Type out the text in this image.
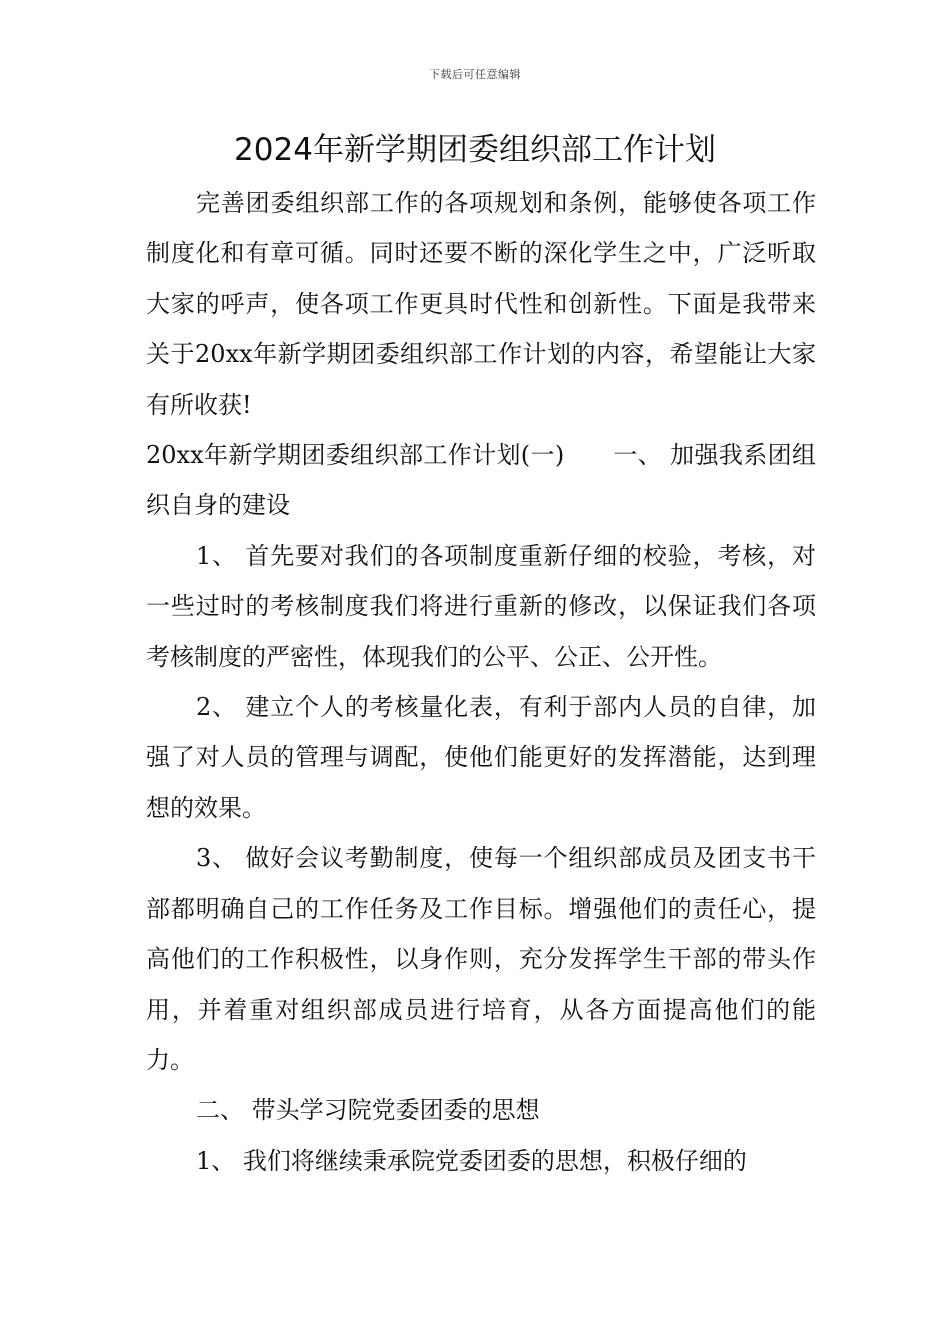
下载后可任意编辑
2024年新学期团委组织部工作计划

完善团委组织部工作的各项规划和条例，能够使各项工作制度化和有章可循。同时还要不断的深化学生之中，广泛听取大家的呼声，使各项工作更具时代性和创新性。下面是我带来关于20xx年新学期团委组织部工作计划的内容，希望能让大家有所收获!

20xx年新学期团委组织部工作计划(一)　　一、 加强我系团组织自身的建设

1、 首先要对我们的各项制度重新仔细的校验，考核，对一些过时的考核制度我们将进行重新的修改，以保证我们各项考核制度的严密性，体现我们的公平、公正、公开性。

2、 建立个人的考核量化表，有利于部内人员的自律，加强了对人员的管理与调配，使他们能更好的发挥潜能，达到理想的效果。

3、 做好会议考勤制度，使每一个组织部成员及团支书干部都明确自己的工作任务及工作目标。增强他们的责任心，提高他们的工作积极性，以身作则，充分发挥学生干部的带头作用，并着重对组织部成员进行培育，从各方面提高他们的能力。

二、 带头学习院党委团委的思想

1、 我们将继续秉承院党委团委的思想，积极仔细的
